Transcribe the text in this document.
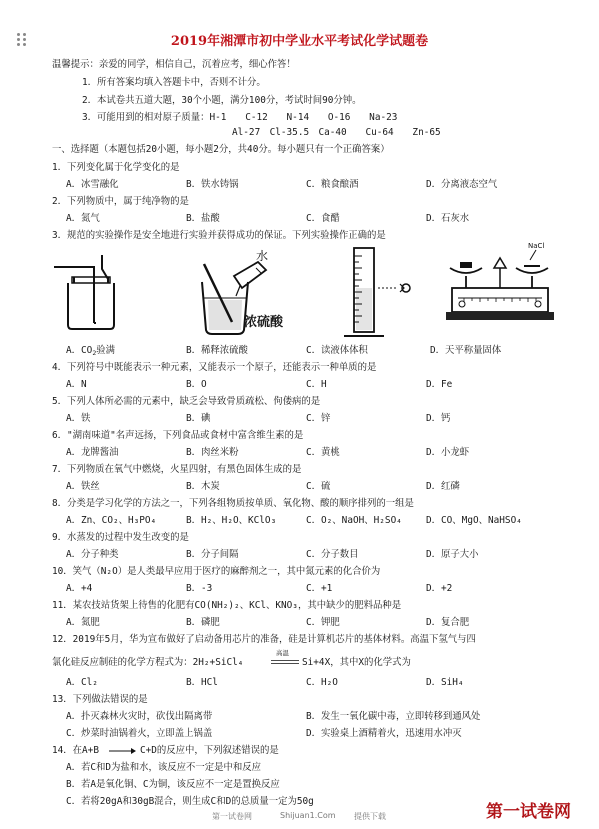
2019年湘潭市初中学业水平考试化学试题卷
温馨提示：亲爱的同学，相信自己，沉着应考，细心作答！
1．所有答案均填入答题卡中，否则不计分。
2．本试卷共五道大题，30个小题，满分100分，考试时间90分钟。
3．可能用到的相对原子质量：H-1　　C-12　　N-14　　O-16　　Na-23
Al-27　Cl-35.5　Ca-40　　Cu-64　　Zn-65
一、选择题（本题包括20小题，每小题2分，共40分。每小题只有一个正确答案）
1．下列变化属于化学变化的是
A．冰雪融化	B．铁水铸锅	C．粮食酿酒	D．分离液态空气
2．下列物质中，属于纯净物的是
A．氮气	B．盐酸	C．食醋	D．石灰水
3．规范的实验操作是安全地进行实验并获得成功的保证。下列实验操作正确的是
水
浓硫酸
NaCl
A．$CO_2$验满	B．稀释浓硫酸	C．读液体体积	D．天平称量固体
4．下列符号中既能表示一种元素，又能表示一个原子，还能表示一种单质的是
A．N	B．O	C．H	D．Fe
5．下列人体所必需的元素中，缺乏会导致骨质疏松、佝偻病的是
A．铁	B．碘	C．锌	D．钙
6．"湖南味道"名声远扬，下列食品或食材中富含维生素的是
A．龙牌酱油	B．肉丝米粉	C．黄桃	D．小龙虾
7．下列物质在氧气中燃烧，火星四射，有黑色固体生成的是
A．铁丝	B．木炭	C．硫	D．红磷
8．分类是学习化学的方法之一，下列各组物质按单质、氧化物、酸的顺序排列的一组是
A．Zn、CO₂、H₃PO₄	B．H₂、H₂O、KClO₃	C．O₂、NaOH、H₂SO₄	D．CO、MgO、NaHSO₄
9．水蒸发的过程中发生改变的是
A．分子种类	B．分子间隔	C．分子数目	D．原子大小
10．笑气（N₂O）是人类最早应用于医疗的麻醉剂之一，其中氮元素的化合价为
A．+4	B．-3	C．+1	D．+2
11．某农技站货架上待售的化肥有CO(NH₂)₂、KCl、KNO₃，其中缺少的肥料品种是
A．氮肥	B．磷肥	C．钾肥	D．复合肥
12．2019年5月，华为宣布做好了启动备用芯片的准备，硅是计算机芯片的基体材料。高温下氢气与四
氯化硅反应制硅的化学方程式为：2H₂+SiCl₄
高温
Si+4X，其中X的化学式为
A．Cl₂	B．HCl	C．H₂O	D．SiH₄
13．下列做法错误的是
A．扑灭森林火灾时，砍伐出隔离带	B．发生一氧化碳中毒，立即转移到通风处
C．炒菜时油锅着火，立即盖上锅盖	D．实验桌上酒精着火，迅速用水冲灭
14．在A+B → C+D的反应中，下列叙述错误的是
A．若C和D为盐和水，该反应不一定是中和反应
B．若A是氧化铜、C为铜，该反应不一定是置换反应
C．若将20gA和30gB混合，则生成C和D的总质量一定为50g
第一试卷网	Shijuan1.Com 提供下载	第一试卷网
